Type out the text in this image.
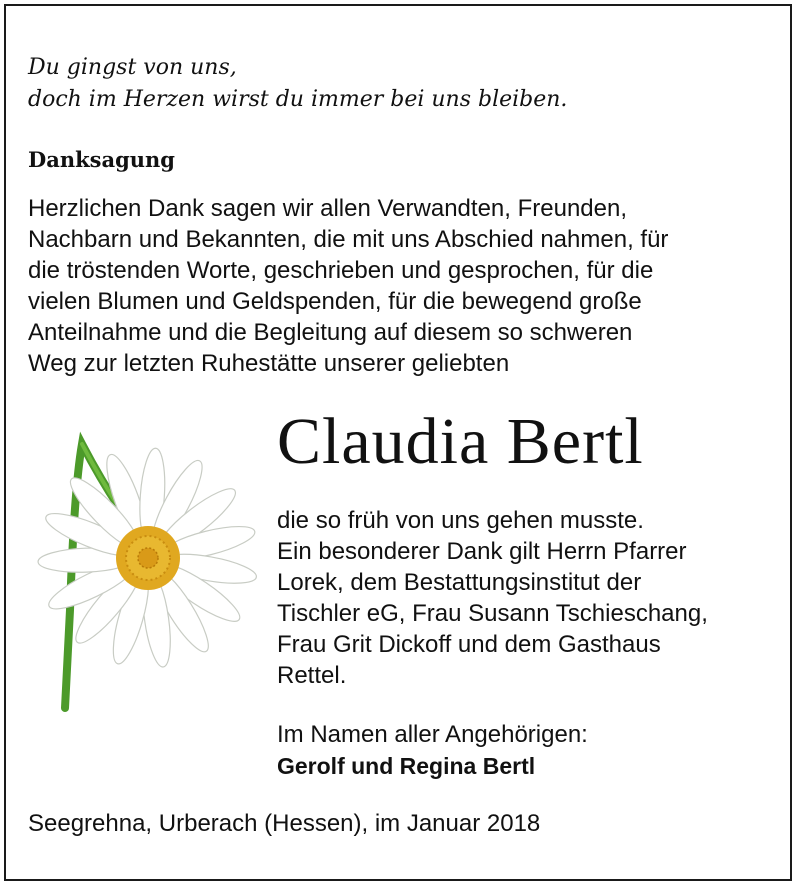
Du gingst von uns,
doch im Herzen wirst du immer bei uns bleiben.
Danksagung
Herzlichen Dank sagen wir allen Verwandten, Freunden,
Nachbarn und Bekannten, die mit uns Abschied nahmen, für
die tröstenden Worte, geschrieben und gesprochen, für die
vielen Blumen und Geldspenden, für die bewegend große
Anteilnahme und die Begleitung auf diesem so schweren
Weg zur letzten Ruhestätte unserer geliebten
Claudia Bertl
die so früh von uns gehen musste.
Ein besonderer Dank gilt Herrn Pfarrer
Lorek, dem Bestattungsinstitut der
Tischler eG, Frau Susann Tschieschang,
Frau Grit Dickoff und dem Gasthaus
Rettel.
Im Namen aller Angehörigen:
Gerolf und Regina Bertl
Seegrehna, Urberach (Hessen), im Januar 2018
